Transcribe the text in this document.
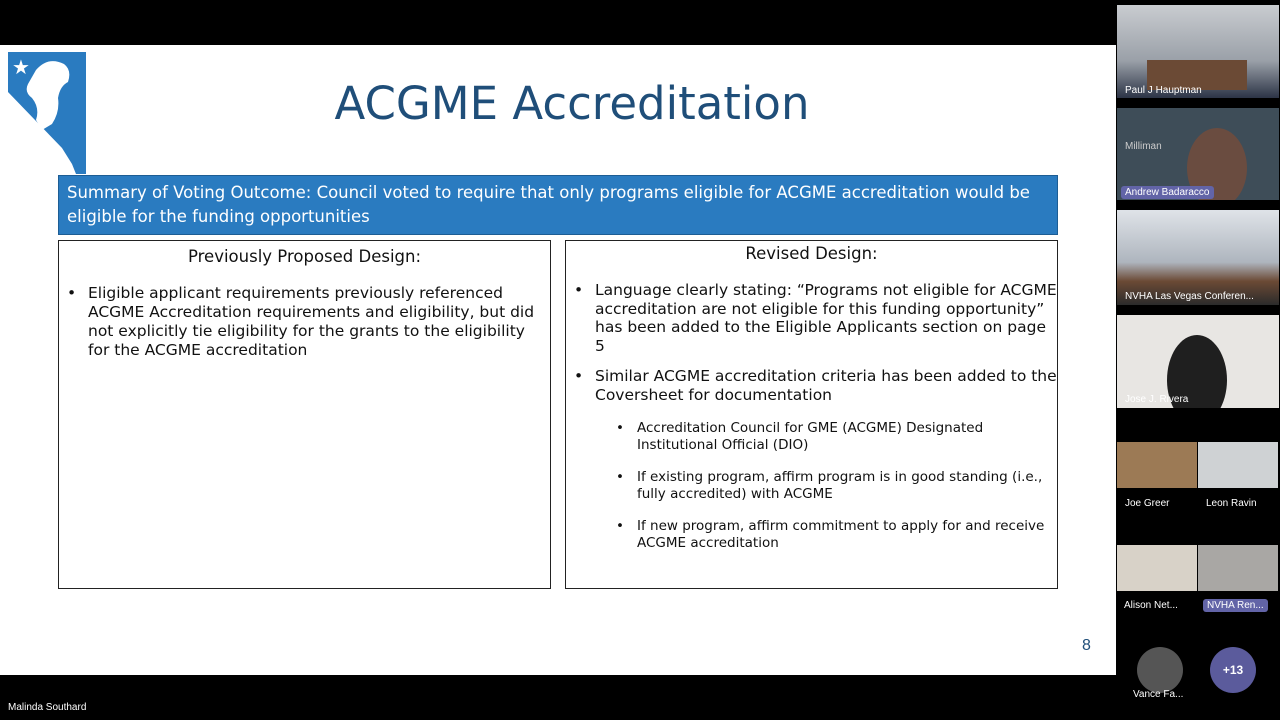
★
ACGME Accreditation
Summary of Voting Outcome: Council voted to require that only programs eligible for ACGME accreditation would be eligible for the funding opportunities
Previously Proposed Design:
• Eligible applicant requirements previously referenced ACGME Accreditation requirements and eligibility, but did not explicitly tie eligibility for the grants to the eligibility for the ACGME accreditation
Revised Design:
• Language clearly stating: “Programs not eligible for ACGME accreditation are not eligible for this funding opportunity” has been added to the Eligible Applicants section on page 5
• Similar ACGME accreditation criteria has been added to the Coversheet for documentation
• Accreditation Council for GME (ACGME) Designated Institutional Official (DIO)
• If existing program, affirm program is in good standing (i.e., fully accredited) with ACGME
• If new program, affirm commitment to apply for and receive ACGME accreditation
8
Malinda Southard
Paul J Hauptman
Milliman
Andrew Badaracco
NVHA Las Vegas Conferen...
Jose J. Rivera
Joe Greer	Leon Ravin
Alison Net...	NVHA Ren...
Vance Fa...
+13
